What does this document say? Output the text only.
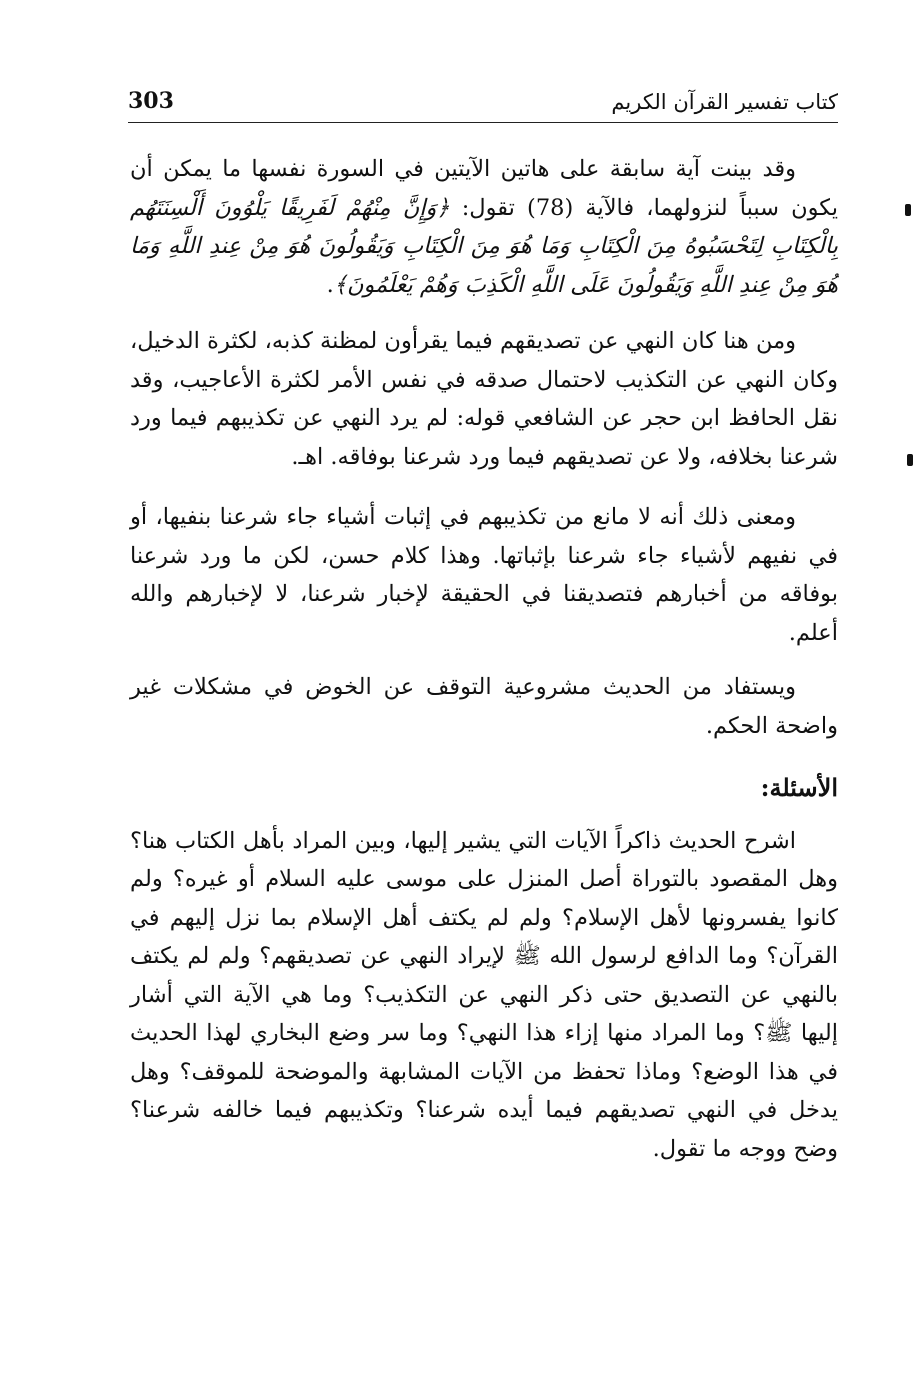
كتاب تفسير القرآن الكريم
303

وقد بينت آية سابقة على هاتين الآيتين في السورة نفسها ما يمكن أن يكون سبباً لنزولهما، فالآية (78) تقول: ﴿وَإِنَّ مِنْهُمْ لَفَرِيقًا يَلْوُونَ أَلْسِنَتَهُم بِالْكِتَابِ لِتَحْسَبُوهُ مِنَ الْكِتَابِ وَمَا هُوَ مِنَ الْكِتَابِ وَيَقُولُونَ هُوَ مِنْ عِندِ اللَّهِ وَمَا هُوَ مِنْ عِندِ اللَّهِ وَيَقُولُونَ عَلَى اللَّهِ الْكَذِبَ وَهُمْ يَعْلَمُونَ﴾.

ومن هنا كان النهي عن تصديقهم فيما يقرأون لمظنة كذبه، لكثرة الدخيل، وكان النهي عن التكذيب لاحتمال صدقه في نفس الأمر لكثرة الأعاجيب، وقد نقل الحافظ ابن حجر عن الشافعي قوله: لم يرد النهي عن تكذيبهم فيما ورد شرعنا بخلافه، ولا عن تصديقهم فيما ورد شرعنا بوفاقه. اهـ.

ومعنى ذلك أنه لا مانع من تكذيبهم في إثبات أشياء جاء شرعنا بنفيها، أو في نفيهم لأشياء جاء شرعنا بإثباتها. وهذا كلام حسن، لكن ما ورد شرعنا بوفاقه من أخبارهم فتصديقنا في الحقيقة لإخبار شرعنا، لا لإخبارهم والله أعلم.

ويستفاد من الحديث مشروعية التوقف عن الخوض في مشكلات غير واضحة الحكم.

الأسئلة:

اشرح الحديث ذاكراً الآيات التي يشير إليها، وبين المراد بأهل الكتاب هنا؟ وهل المقصود بالتوراة أصل المنزل على موسى عليه السلام أو غيره؟ ولم كانوا يفسرونها لأهل الإسلام؟ ولم لم يكتف أهل الإسلام بما نزل إليهم في القرآن؟ وما الدافع لرسول الله ﷺ لإيراد النهي عن تصديقهم؟ ولم لم يكتف بالنهي عن التصديق حتى ذكر النهي عن التكذيب؟ وما هي الآية التي أشار إليها ﷺ؟ وما المراد منها إزاء هذا النهي؟ وما سر وضع البخاري لهذا الحديث في هذا الوضع؟ وماذا تحفظ من الآيات المشابهة والموضحة للموقف؟ وهل يدخل في النهي تصديقهم فيما أيده شرعنا؟ وتكذيبهم فيما خالفه شرعنا؟ وضح ووجه ما تقول.
